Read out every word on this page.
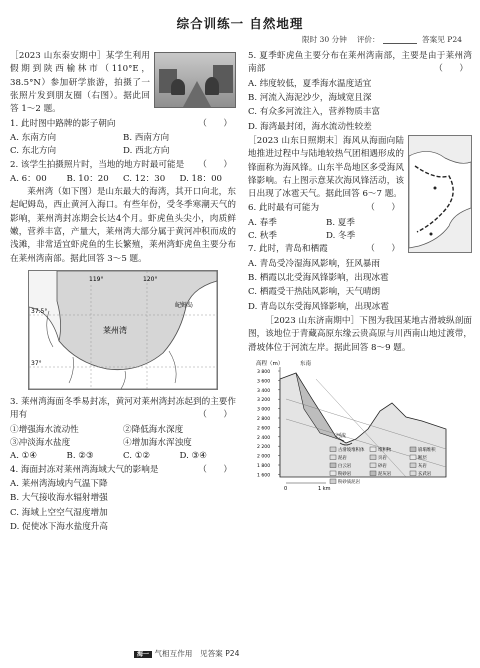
综合训练一 自然地理
限时 30 分钟　 评价：	答案见 P24

［2023 山东泰安期中］某学生利用假期到陕西榆林市（110°E，38.5°N）参加研学旅游，拍摄了一张照片发到朋友圈（右图）。据此回答 1～2 题。

1. 此时图中路牌的影子朝向	（　）

A. 东南方向	B. 西南方向
C. 东北方向	D. 西北方向

2. 该学生拍摄照片时，当地的地方时最可能是 （　）

A. 6：00	B. 10：20	C. 12：30	D. 18：00

莱州湾（如下图）是山东最大的海湾，其开口向北，东起屺姆岛，西止黄河入海口。有些年份，受冬季寒潮天气的影响，莱州湾封冻期会长达4个月。虾虎鱼头尖小，肉质鲜嫩，营养丰富，产量大，莱州湾大部分属于黄河冲积而成的浅滩，非常适宜虾虎鱼的生长繁殖，莱州湾虾虎鱼主要分布在莱州湾南部。据此回答 3～5 题。

119°	120°
37.5°
37°
莱州湾
屺姆岛

3. 莱州湾海面冬季易封冻，黄河对莱州湾封冻起到的主要作用有	（　）

①增强海水流动性	②降低海水深度
③冲淡海水盐度	④增加海水浑浊度
A. ①④	B. ②③	C. ①②	D. ③④

4. 海面封冻对莱州湾海域大气的影响是	（　）

A. 莱州湾海域内气温下降

B. 大气接收海水辐射增强

C. 海域上空空气湿度增加

D. 促使冰下海水盐度升高

5. 夏季虾虎鱼主要分布在莱州湾南部，主要是由于莱州湾南部	（　）

A. 纬度较低，夏季海水温度适宜

B. 河流入海泥沙少，海域宽且深

C. 有众多河流注入，营养物质丰富

D. 海湾最封闭，海水流动性较差

［2023 山东日照期末］海风从海面向陆地推进过程中与陆地较热气团相遇形成的锋面称为海风锋。山东半岛地区多受海风锋影响。右上图示意某次海风锋活动，该日出现了冰雹天气。据此回答 6～7 题。

6. 此时最有可能为	（　）

A. 春季	B. 夏季
C. 秋季	D. 冬季

7. 此时，青岛和栖霞	（　）

A. 青岛受冷湿海风影响，狂风暴雨

B. 栖霞以北受海风锋影响，出现冰雹

C. 栖霞受干热陆风影响，天气晴朗

D. 青岛以东受海风锋影响，出现冰雹

［2023 山东济南期中］下图为我国某地古滑坡纵剖面图，该地位于青藏高原东缘云贵高原与川西南山地过渡带，滑坡体位于河流左岸。据此回答 8～9 题。

高程（m）	东南
3 800
3 600
3 400
3 200
3 000
2 800
2 600
2 400
2 200
2 000
1 800
1 600
河流
0	1 km
古滑坡堆积体	堆积物	崩塌堆积
泥岩	页岩	断层
白云岩	砂岩	灰岩
粉砂岩	泥灰岩	玄武岩
粉砂质泥岩
海一 气相互作用　见答案 P24
